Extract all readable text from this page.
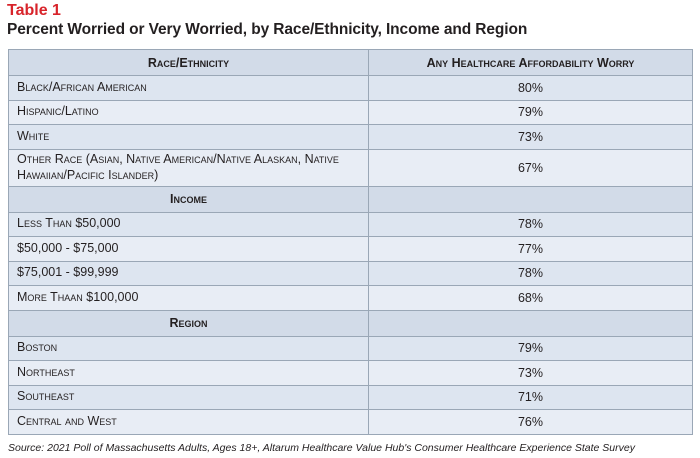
Table 1
Percent Worried or Very Worried, by Race/Ethnicity, Income and Region
Race/Ethnicity	Any Healthcare Affordability Worry
Black/African American	80%
Hispanic/Latino	79%
White	73%
Other Race (Asian, Native American/Native Alaskan, Native Hawaiian/Pacific Islander)	67%
Income	
Less Than $50,000	78%
$50,000 - $75,000	77%
$75,001 - $99,999	78%
More Thaan $100,000	68%
Region	
Boston	79%
Northeast	73%
Southeast	71%
Central and West	76%
Source: 2021 Poll of Massachusetts Adults, Ages 18+, Altarum Healthcare Value Hub's Consumer Healthcare Experience State Survey
